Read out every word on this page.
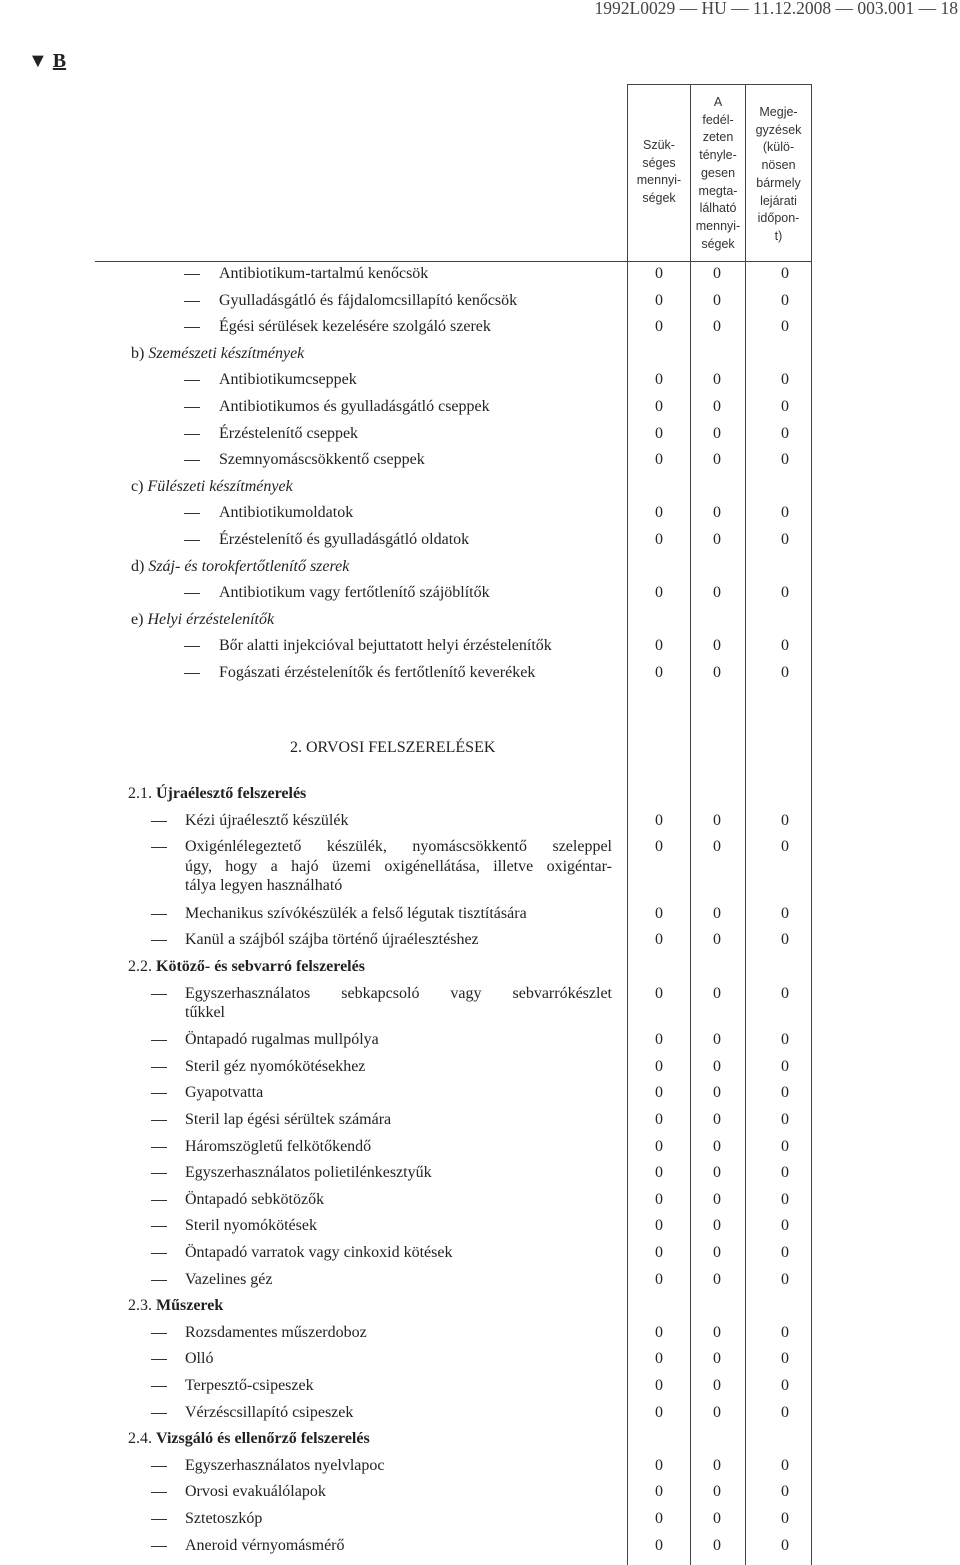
1992L0029 — HU — 11.12.2008 — 003.001 — 18
▼ B
Szük-
séges
mennyi-
ségek
A
fedél-
zeten
tényle-
gesen
megta-
lálható
mennyi-
ségek
Megje-
gyzések
(külö-
nösen
bármely
lejárati
időpon-
t)
Antibiotikum-tartalmú kenőcsök	0	0	0
Gyulladásgátló és fájdalomcsillapító kenőcsök	0	0	0
Égési sérülések kezelésére szolgáló szerek	0	0	0
b) Szemészeti készítmények
Antibiotikumcseppek	0	0	0
Antibiotikumos és gyulladásgátló cseppek	0	0	0
Érzéstelenítő cseppek	0	0	0
Szemnyomáscsökkentő cseppek	0	0	0
c) Fülészeti készítmények
Antibiotikumoldatok	0	0	0
Érzéstelenítő és gyulladásgátló oldatok	0	0	0
d) Száj- és torokfertőtlenítő szerek
Antibiotikum vagy fertőtlenítő szájöblítők	0	0	0
e) Helyi érzéstelenítők
Bőr alatti injekcióval bejuttatott helyi érzéstelenítők	0	0	0
Fogászati érzéstelenítők és fertőtlenítő keverékek	0	0	0
2.1. Újraélesztő felszerelés
Kézi újraélesztő készülék	0	0	0
Oxigénlélegeztető készülék, nyomáscsökkentő szeleppel
úgy, hogy a hajó üzemi oxigénellátása, illetve oxigéntar-
tálya legyen használható
0	0	0
Mechanikus szívókészülék a felső légutak tisztítására	0	0	0
Kanül a szájból szájba történő újraélesztéshez	0	0	0
2.2. Kötöző- és sebvarró felszerelés
Egyszerhasználatos sebkapcsoló vagy sebvarrókészlet
tűkkel
0	0	0
Öntapadó rugalmas mullpólya	0	0	0
Steril géz nyomókötésekhez	0	0	0
Gyapotvatta	0	0	0
Steril lap égési sérültek számára	0	0	0
Háromszögletű felkötőkendő	0	0	0
Egyszerhasználatos polietilénkesztyűk	0	0	0
Öntapadó sebkötözők	0	0	0
Steril nyomókötések	0	0	0
Öntapadó varratok vagy cinkoxid kötések	0	0	0
Vazelines géz	0	0	0
2.3. Műszerek
Rozsdamentes műszerdoboz	0	0	0
Olló	0	0	0
Terpesztő-csipeszek	0	0	0
Vérzéscsillapító csipeszek	0	0	0
2.4. Vizsgáló és ellenőrző felszerelés
Egyszerhasználatos nyelvlapoc	0	0	0
Orvosi evakuálólapok	0	0	0
Sztetoszkóp	0	0	0
Aneroid vérnyomásmérő	0	0	0
2. ORVOSI FELSZERELÉSEK
